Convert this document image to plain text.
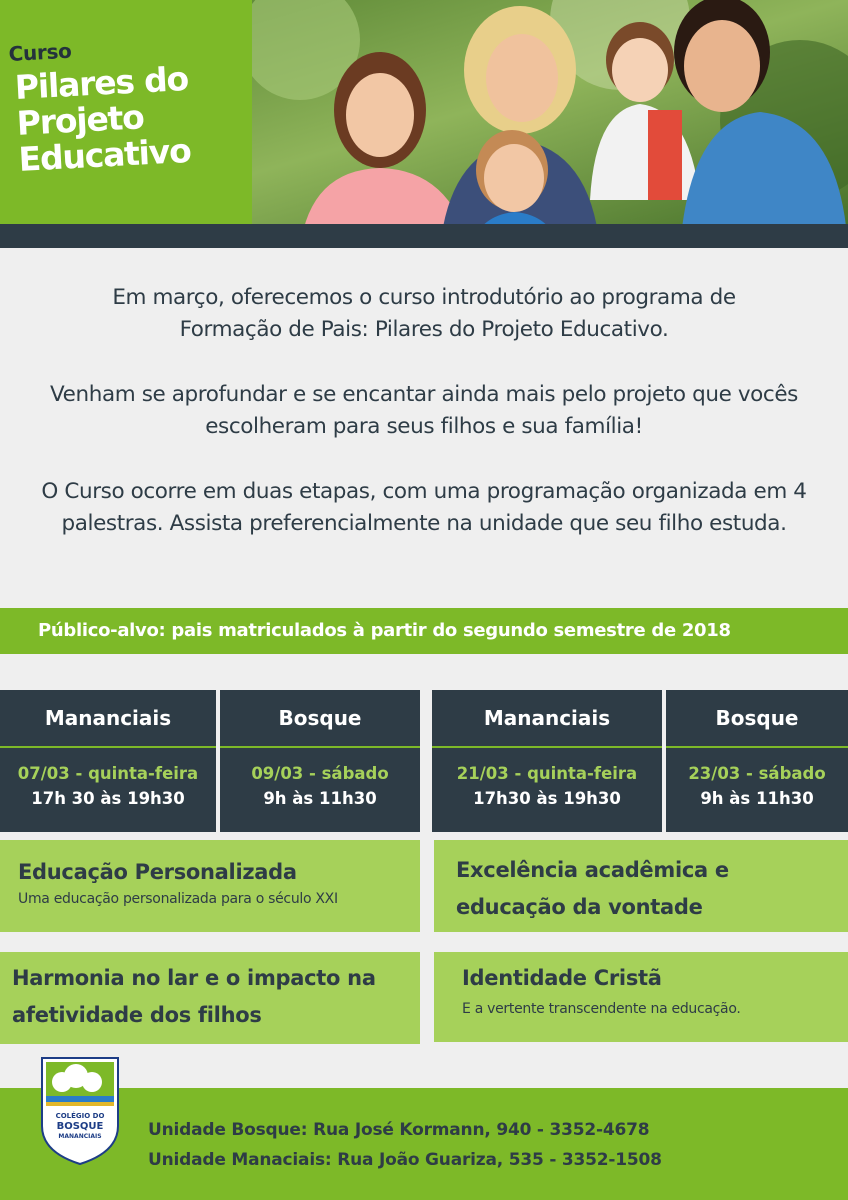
Curso
Pilares do
Projeto
Educativo

Em março, oferecemos o curso introdutório ao programa de Formação de Pais: Pilares do Projeto Educativo.

Venham se aprofundar e se encantar ainda mais pelo projeto que vocês escolheram para seus filhos e sua família!

O Curso ocorre em duas etapas, com uma programação organizada em 4 palestras. Assista preferencialmente na unidade que seu filho estuda.

Público-alvo: pais matriculados à partir do segundo semestre de 2018
Mananciais
07/03 - quinta-feira
17h 30 às 19h30
Bosque
09/03 - sábado
9h às 11h30
Mananciais
21/03 - quinta-feira
17h30 às 19h30
Bosque
23/03 - sábado
9h às 11h30
Educação Personalizada
Uma educação personalizada para o século XXI
Excelência acadêmica e educação da vontade
Harmonia no lar e o impacto na afetividade dos filhos
Identidade Cristã
E a vertente transcendente na educação.
Unidade Bosque: Rua José Kormann, 940 - 3352-4678
Unidade Manaciais: Rua João Guariza, 535 - 3352-1508
COLÉGIO DO
BOSQUE
MANANCIAIS
